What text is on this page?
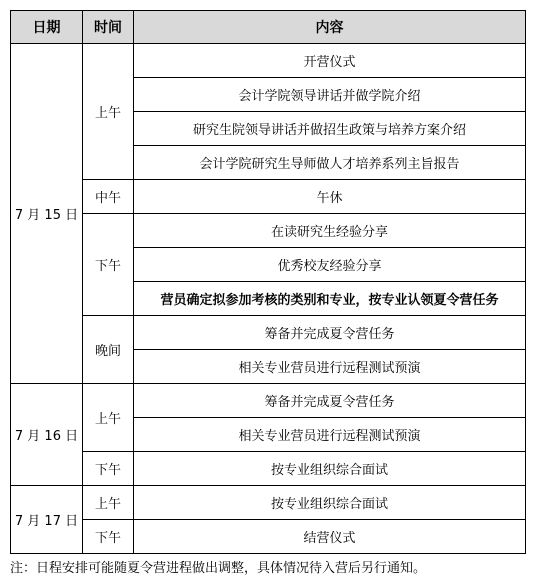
日期	时间	内容
7 月 15 日	上午	开营仪式
		会计学院领导讲话并做学院介绍
		研究生院领导讲话并做招生政策与培养方案介绍
		会计学院研究生导师做人才培养系列主旨报告
	中午	午休
	下午	在读研究生经验分享
		优秀校友经验分享
		营员确定拟参加考核的类别和专业，按专业认领夏令营任务
	晚间	筹备并完成夏令营任务
		相关专业营员进行远程测试预演
7 月 16 日	上午	筹备并完成夏令营任务
		相关专业营员进行远程测试预演
	下午	按专业组织综合面试
7 月 17 日	上午	按专业组织综合面试
	下午	结营仪式
注：日程安排可能随夏令营进程做出调整，具体情况待入营后另行通知。
